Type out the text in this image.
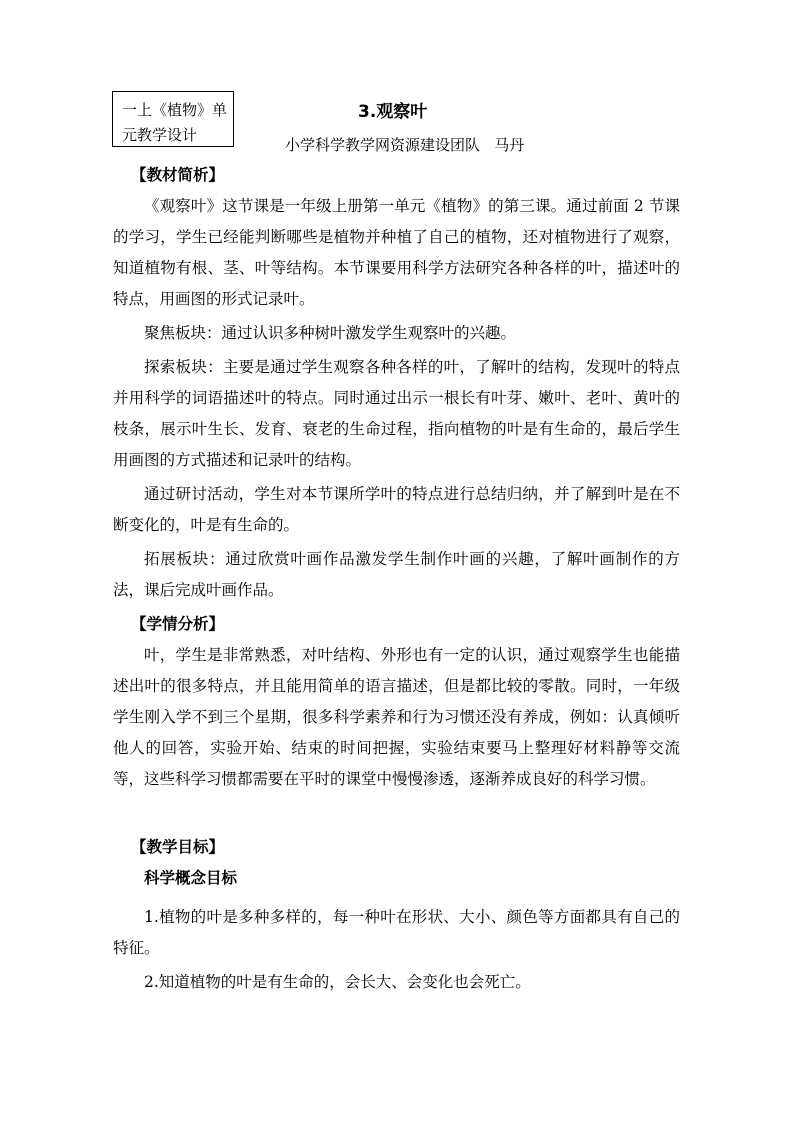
一上《植物》单
元教学设计
3.观察叶
小学科学教学网资源建设团队   马丹
【教材简析】

《观察叶》这节课是一年级上册第一单元《植物》的第三课。通过前面 2 节课的学习，学生已经能判断哪些是植物并种植了自己的植物，还对植物进行了观察，知道植物有根、茎、叶等结构。本节课要用科学方法研究各种各样的叶，描述叶的特点，用画图的形式记录叶。

聚焦板块：通过认识多种树叶激发学生观察叶的兴趣。

探索板块：主要是通过学生观察各种各样的叶，了解叶的结构，发现叶的特点并用科学的词语描述叶的特点。同时通过出示一根长有叶芽、嫩叶、老叶、黄叶的枝条，展示叶生长、发育、衰老的生命过程，指向植物的叶是有生命的，最后学生用画图的方式描述和记录叶的结构。

通过研讨活动，学生对本节课所学叶的特点进行总结归纳，并了解到叶是在不断变化的，叶是有生命的。

拓展板块：通过欣赏叶画作品激发学生制作叶画的兴趣，了解叶画制作的方法，课后完成叶画作品。

【学情分析】

叶，学生是非常熟悉，对叶结构、外形也有一定的认识，通过观察学生也能描述出叶的很多特点，并且能用简单的语言描述，但是都比较的零散。同时，一年级学生刚入学不到三个星期，很多科学素养和行为习惯还没有养成，例如：认真倾听他人的回答，实验开始、结束的时间把握，实验结束要马上整理好材料静等交流等，这些科学习惯都需要在平时的课堂中慢慢渗透，逐渐养成良好的科学习惯。

【教学目标】
科学概念目标

1.植物的叶是多种多样的，每一种叶在形状、大小、颜色等方面都具有自己的特征。

2.知道植物的叶是有生命的，会长大、会变化也会死亡。
